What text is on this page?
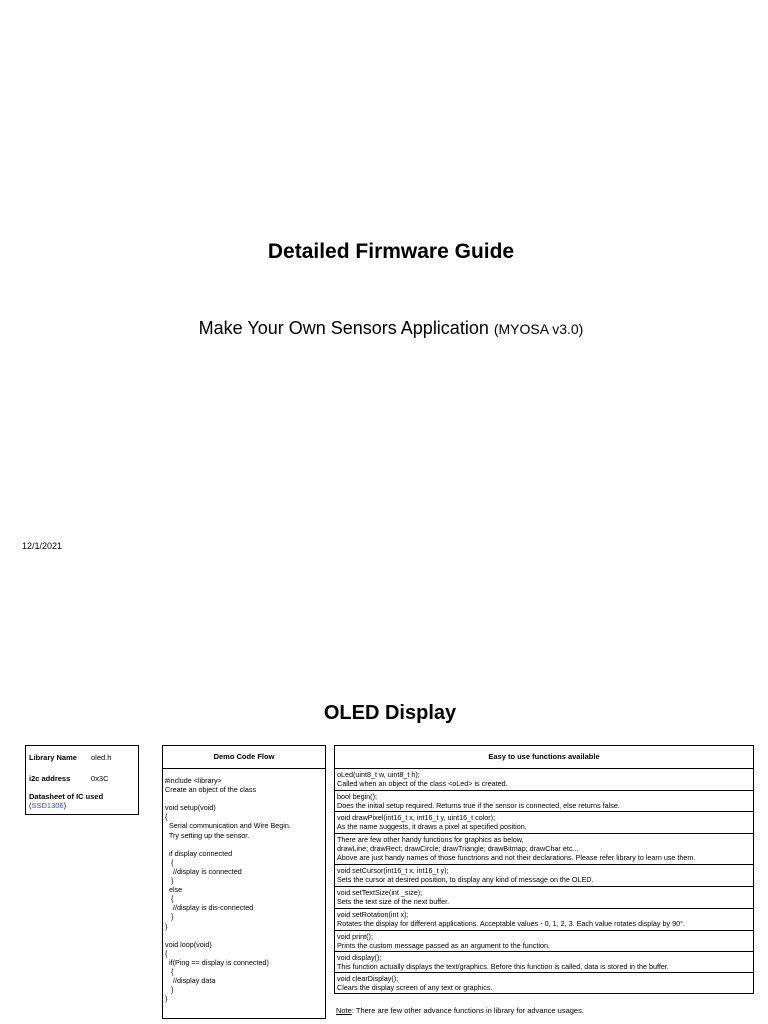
Detailed Firmware Guide
Make Your Own Sensors Application (MYOSA v3.0)
12/1/2021
OLED Display
Library Name oled.h
i2c address	0x3C
Datasheet of IC used
(SSD1306)
Demo Code Flow
#include <library>
Create an object of the class

void setup(void)
{
Serial communication and Wire Begin.
Try setting up the sensor.

if display connected
{
//display is connected
}
else
{
//display is dis-connected
}
}

void loop(void)
{
if(Ping == display is connected)
{
//display data
}
}
Easy to use functions available
oLed(uint8_t w, uint8_t h);
Called when an object of the class <oLed> is created.
bool begin();
Does the initial setup required. Returns true if the sensor is connected, else returns false.
void drawPixel(int16_t x, int16_t y, uint16_t color);
As the name suggests, it draws a pixel at specified position.
There are few other handy functions for graphics as below,
drawLine; drawRect; drawCircle; drawTriangle; drawBitmap; drawChar etc...
Above are just handy names of those functrions and not their declarations. Please refer library to learn use them.
void setCursor(int16_t x, int16_t y);
Sets the cursor at desired position, to display any kind of message on the OLED.
void setTextSize(int _size);
Sets the text size of the next buffer.
void setRotation(int x);
Rotates the display for different applications. Acceptable values - 0, 1, 2, 3. Each value rotates display by 90°.
void print();
Prints the custom message passed as an argument to the function.
void display();
This function actually displays the text/graphics. Before this function is called, data is stored in the buffer.
void clearDisplay();
Clears the display screen of any text or graphics.
Note: There are few other advance functions in library for advance usages.
